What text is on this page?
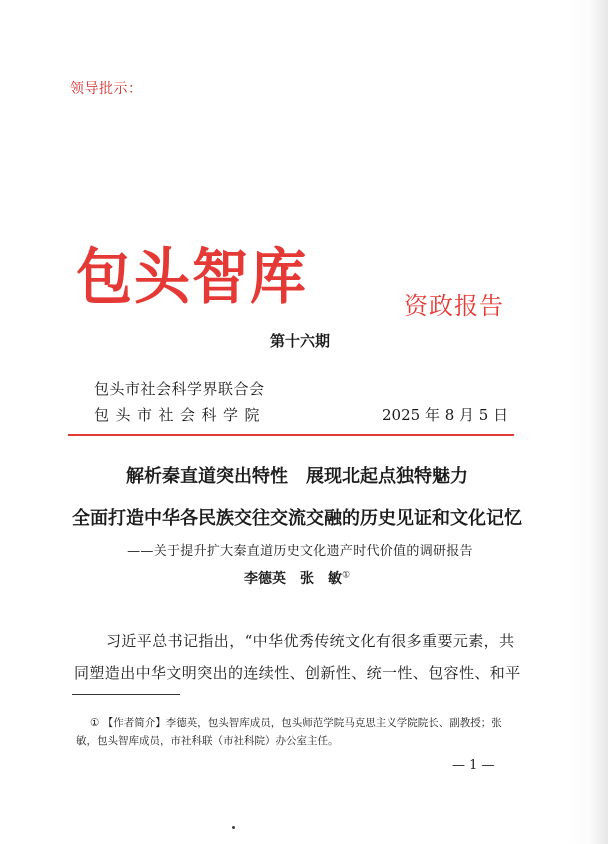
领导批示：
包头智库	资政报告
第十六期
包头市社会科学界联合会
包头市社会科学院	2025 年 8 月 5 日
解析秦直道突出特性　展现北起点独特魅力
全面打造中华各民族交往交流交融的历史见证和文化记忆
——关于提升扩大秦直道历史文化遗产时代价值的调研报告
李德英　张　敏①
习近平总书记指出，“中华优秀传统文化有很多重要元素，共
同塑造出中华文明突出的连续性、创新性、统一性、包容性、和平
① 【作者简介】李德英，包头智库成员，包头师范学院马克思主义学院院长、副教授；张敏，包头智库成员，市社科联（市社科院）办公室主任。
— 1 —
